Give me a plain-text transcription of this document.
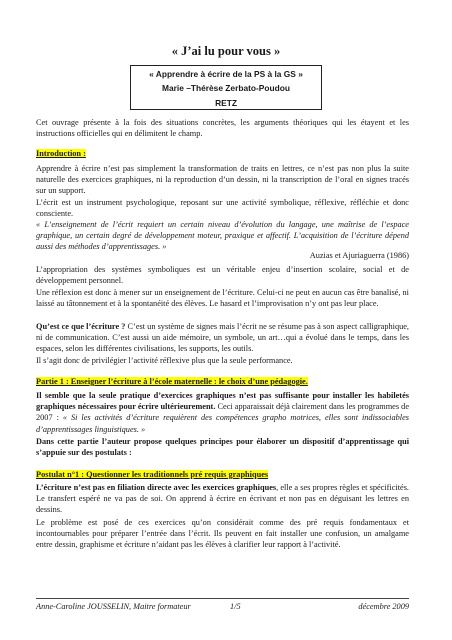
« J’ai lu pour vous »
« Apprendre à écrire de la PS à la GS »
Marie –Thérèse Zerbato-Poudou
RETZ
Cet ouvrage présente à la fois des situations concrètes, les arguments théoriques qui les étayent et les instructions officielles qui en délimitent le champ.
Introduction :
Apprendre à écrire n’est pas simplement la transformation de traits en lettres, ce n’est pas non plus la suite naturelle des exercices graphiques, ni la reproduction d’un dessin, ni la transcription de l’oral en signes tracés sur un support.
L’écrit est un instrument psychologique, reposant sur une activité symbolique, réflexive, réfléchie et donc consciente.
« L’enseignement de l’écrit requiert un certain niveau d’évolution du langage, une maîtrise de l’espace graphique, un certain degré de développement moteur, praxique et affectif. L’acquisition de l’écriture dépend aussi des méthodes d’apprentissages. »
Auzias et Ajuriaguerra (1986)
L’appropriation des systèmes symboliques est un véritable enjeu d’insertion scolaire, social et de développement personnel.
Une réflexion est donc à mener sur un enseignement de l’écriture. Celui-ci ne peut en aucun cas être banalisé, ni laissé au tâtonnement et à la spontanéité des élèves. Le hasard et l’improvisation n’y ont pas leur place.
Qu’est ce que l’écriture ? C’est un système de signes mais l’écrit ne se résume pas à son aspect calligraphique, ni de communication. C’est aussi un aide mémoire, un symbole, un art…qui a évolué dans le temps, dans les espaces, selon les différentes civilisations, les supports, les outils.
Il s’agit donc de privilégier l’activité réflexive plus que la seule performance.
Partie 1 : Enseigner l’écriture à l’école maternelle : le choix d’une pédagogie.
Il semble que la seule pratique d’exercices graphiques n’est pas suffisante pour installer les habiletés graphiques nécessaires pour écrire ultérieurement. Ceci apparaissait déjà clairement dans les programmes de 2007 : « Si les activités d’écriture requièrent des compétences grapho motrices, elles sont indissociables d’apprentissages linguistiques. »
Dans cette partie l’auteur propose quelques principes pour élaborer un dispositif d’apprentissage qui s’appuie sur des postulats :
Postulat n°1 : Questionner les traditionnels pré requis graphiques
L’écriture n’est pas en filiation directe avec les exercices graphiques, elle a ses propres règles et spécificités. Le transfert espéré ne va pas de soi. On apprend à écrire en écrivant et non pas en déguisant les lettres en dessins.
Le problème est posé de ces exercices qu’on considérait comme des pré requis fondamentaux et incontournables pour préparer l’entrée dans l’écrit. Ils peuvent en fait installer une confusion, un amalgame entre dessin, graphisme et écriture n’aidant pas les élèves à clarifier leur rapport à l’activité.
Anne-Caroline JOUSSELIN, Maitre formateur	1/5	décembre 2009
